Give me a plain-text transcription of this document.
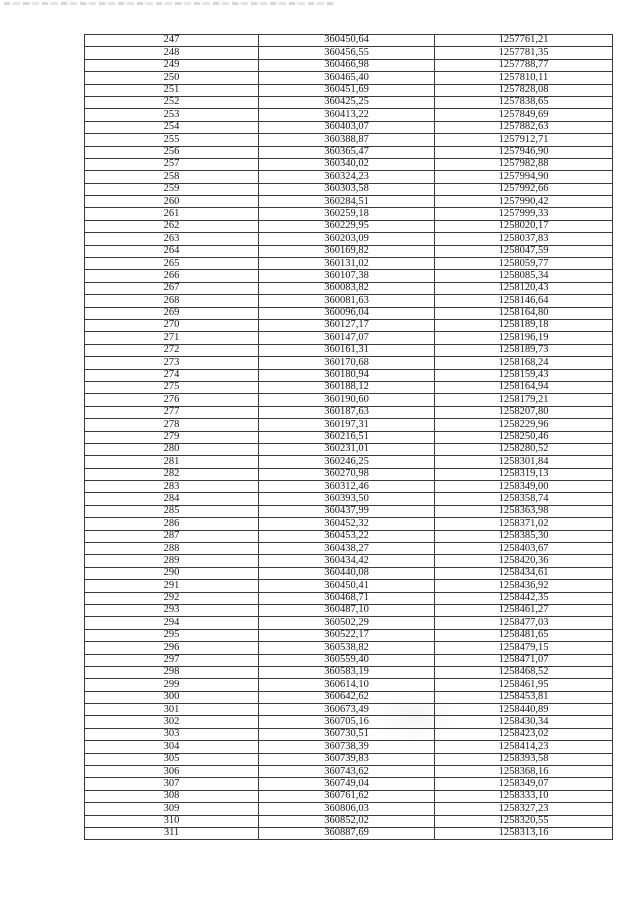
247	360450,64	1257761,21
248	360456,55	1257781,35
249	360466,98	1257788,77
250	360465,40	1257810,11
251	360451,69	1257828,08
252	360425,25	1257838,65
253	360413,22	1257849,69
254	360403,07	1257882,63
255	360388,87	1257912,71
256	360365,47	1257946,90
257	360340,02	1257982,88
258	360324,23	1257994,90
259	360303,58	1257992,66
260	360284,51	1257990,42
261	360259,18	1257999,33
262	360229,95	1258020,17
263	360203,09	1258037,83
264	360169,82	1258047,59
265	360131,02	1258059,77
266	360107,38	1258085,34
267	360083,82	1258120,43
268	360081,63	1258146,64
269	360096,04	1258164,80
270	360127,17	1258189,18
271	360147,07	1258196,19
272	360161,31	1258189,73
273	360170,68	1258168,24
274	360180,94	1258159,43
275	360188,12	1258164,94
276	360190,60	1258179,21
277	360187,63	1258207,80
278	360197,31	1258229,96
279	360216,51	1258250,46
280	360231,01	1258280,52
281	360246,25	1258301,84
282	360270,98	1258319,13
283	360312,46	1258349,00
284	360393,50	1258358,74
285	360437,99	1258363,98
286	360452,32	1258371,02
287	360453,22	1258385,30
288	360438,27	1258403,67
289	360434,42	1258420,36
290	360440,08	1258434,61
291	360450,41	1258436,92
292	360468,71	1258442,35
293	360487,10	1258461,27
294	360502,29	1258477,03
295	360522,17	1258481,65
296	360538,82	1258479,15
297	360559,40	1258471,07
298	360583,19	1258468,52
299	360614,10	1258461,95
300	360642,62	1258453,81
301	360673,49	1258440,89
302	360705,16	1258430,34
303	360730,51	1258423,02
304	360738,39	1258414,23
305	360739,83	1258393,58
306	360743,62	1258368,16
307	360749,04	1258349,07
308	360761,62	1258333,10
309	360806,03	1258327,23
310	360852,02	1258320,55
311	360887,69	1258313,16
